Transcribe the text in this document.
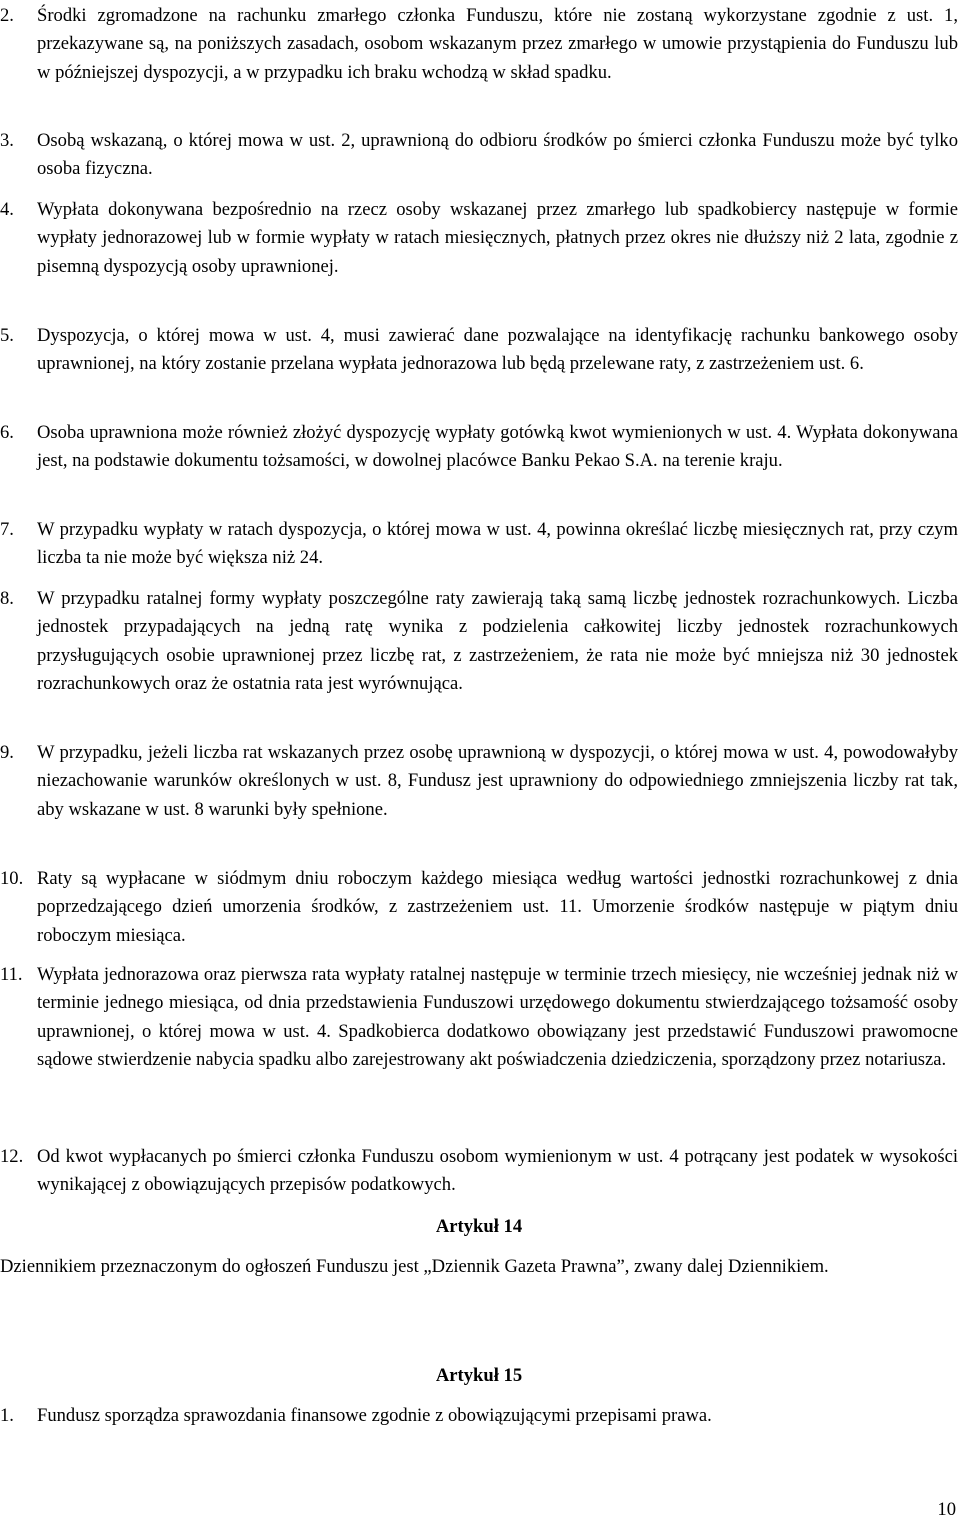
2.	Środki zgromadzone na rachunku zmarłego członka Funduszu, które nie zostaną wykorzystane zgodnie z ust. 1, przekazywane są, na poniższych zasadach, osobom wskazanym przez zmarłego w umowie przystąpienia do Funduszu lub w późniejszej dyspozycji, a w przypadku ich braku wchodzą w skład spadku.
3.	Osobą wskazaną, o której mowa w ust. 2, uprawnioną do odbioru środków po śmierci członka Funduszu może być tylko osoba fizyczna.
4.	Wypłata dokonywana bezpośrednio na rzecz osoby wskazanej przez zmarłego lub spadkobiercy następuje w formie wypłaty jednorazowej lub w formie wypłaty w ratach miesięcznych, płatnych przez okres nie dłuższy niż 2 lata, zgodnie z pisemną dyspozycją osoby uprawnionej.
5.	Dyspozycja, o której mowa w ust. 4, musi zawierać dane pozwalające na identyfikację rachunku bankowego osoby uprawnionej, na który zostanie przelana wypłata jednorazowa lub będą przelewane raty, z zastrzeżeniem ust. 6.
6.	Osoba uprawniona może również złożyć dyspozycję wypłaty gotówką kwot wymienionych w ust. 4. Wypłata dokonywana jest, na podstawie dokumentu tożsamości, w dowolnej placówce Banku Pekao S.A. na terenie kraju.
7.	W przypadku wypłaty w ratach dyspozycja, o której mowa w ust. 4, powinna określać liczbę miesięcznych rat, przy czym liczba ta nie może być większa niż 24.
8.	W przypadku ratalnej formy wypłaty poszczególne raty zawierają taką samą liczbę jednostek rozrachunkowych. Liczba jednostek przypadających na jedną ratę wynika z podzielenia całkowitej liczby jednostek rozrachunkowych przysługujących osobie uprawnionej przez liczbę rat, z zastrzeżeniem, że rata nie może być mniejsza niż 30 jednostek rozrachunkowych oraz że ostatnia rata jest wyrównująca.
9.	W przypadku, jeżeli liczba rat wskazanych przez osobę uprawnioną w dyspozycji, o której mowa w ust. 4, powodowałyby niezachowanie warunków określonych w ust. 8, Fundusz jest uprawniony do odpowiedniego zmniejszenia liczby rat tak, aby wskazane w ust. 8 warunki były spełnione.
10. Raty są wypłacane w siódmym dniu roboczym każdego miesiąca według wartości jednostki rozrachunkowej z dnia poprzedzającego dzień umorzenia środków, z zastrzeżeniem ust. 11. Umorzenie środków następuje w piątym dniu roboczym miesiąca.
11. Wypłata jednorazowa oraz pierwsza rata wypłaty ratalnej następuje w terminie trzech miesięcy, nie wcześniej jednak niż w terminie jednego miesiąca, od dnia przedstawienia Funduszowi urzędowego dokumentu stwierdzającego tożsamość osoby uprawnionej, o której mowa w ust. 4. Spadkobierca dodatkowo obowiązany jest przedstawić Funduszowi prawomocne sądowe stwierdzenie nabycia spadku albo zarejestrowany akt poświadczenia dziedziczenia, sporządzony przez notariusza.
12. Od kwot wypłacanych po śmierci członka Funduszu osobom wymienionym w ust. 4 potrącany jest podatek w wysokości wynikającej z obowiązujących przepisów podatkowych.
Artykuł 14
Dziennikiem przeznaczonym do ogłoszeń Funduszu jest „Dziennik Gazeta Prawna”, zwany dalej Dziennikiem.
Artykuł 15
1.	Fundusz sporządza sprawozdania finansowe zgodnie z obowiązującymi przepisami prawa.
10
